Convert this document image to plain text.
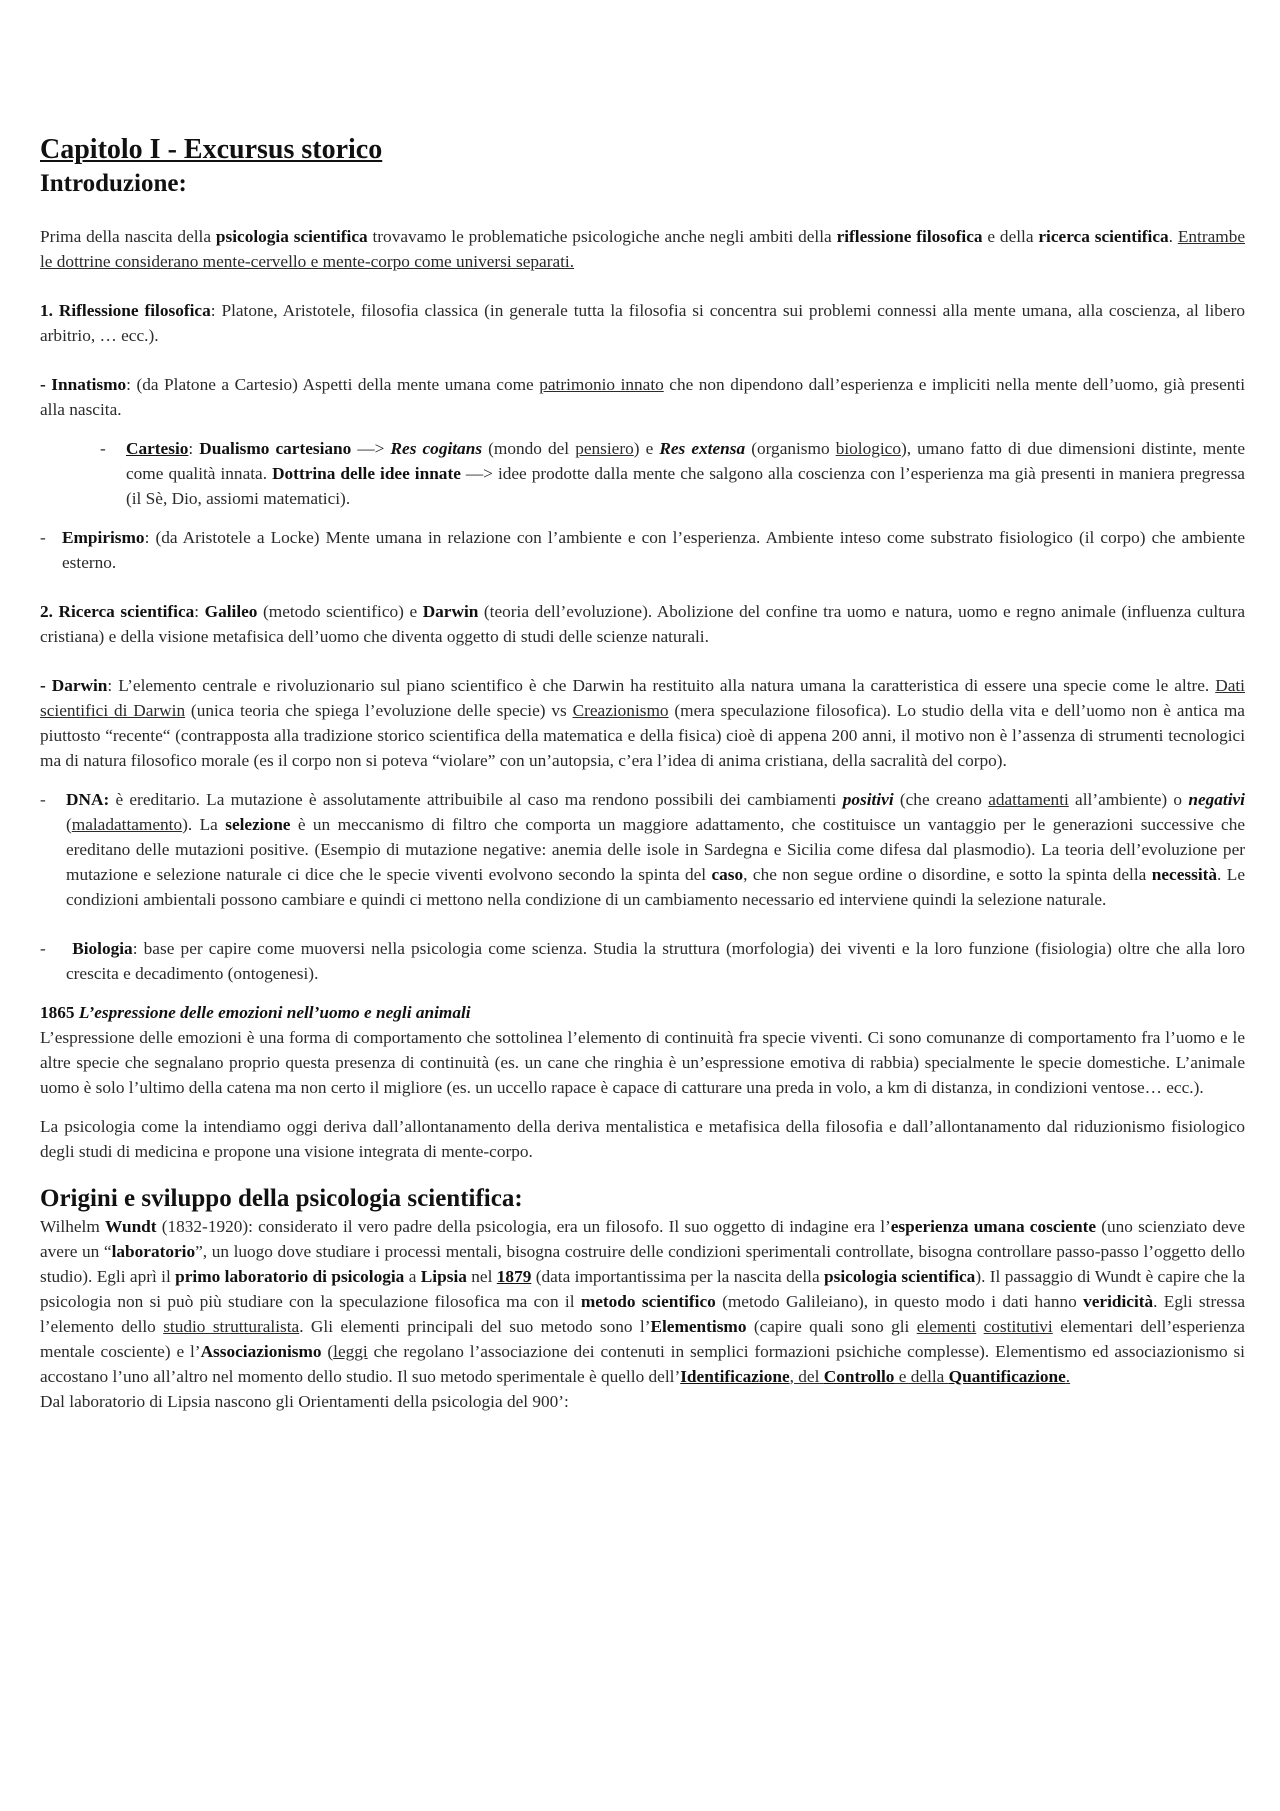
Capitolo I - Excursus storico

Introduzione:

Prima della nascita della psicologia scientifica trovavamo le problematiche psicologiche anche negli ambiti della riflessione filosofica e della ricerca scientifica. Entrambe le dottrine considerano mente-cervello e mente-corpo come universi separati.

1. Riflessione filosofica: Platone, Aristotele, filosofia classica (in generale tutta la filosofia si concentra sui problemi connessi alla mente umana, alla coscienza, al libero arbitrio, … ecc.).

- Innatismo: (da Platone a Cartesio) Aspetti della mente umana come patrimonio innato che non dipendono dall’esperienza e impliciti nella mente dell’uomo, già presenti alla nascita.

- Cartesio: Dualismo cartesiano —> Res cogitans (mondo del pensiero) e Res extensa (organismo biologico), umano fatto di due dimensioni distinte, mente come qualità innata. Dottrina delle idee innate —> idee prodotte dalla mente che salgono alla coscienza con l’esperienza ma già presenti in maniera pregressa (il Sè, Dio, assiomi matematici).

- Empirismo: (da Aristotele a Locke) Mente umana in relazione con l’ambiente e con l’esperienza. Ambiente inteso come substrato fisiologico (il corpo) che ambiente esterno.

2. Ricerca scientifica: Galileo (metodo scientifico) e Darwin (teoria dell’evoluzione). Abolizione del confine tra uomo e natura, uomo e regno animale (influenza cultura cristiana) e della visione metafisica dell’uomo che diventa oggetto di studi delle scienze naturali.

- Darwin: L’elemento centrale e rivoluzionario sul piano scientifico è che Darwin ha restituito alla natura umana la caratteristica di essere una specie come le altre. Dati scientifici di Darwin (unica teoria che spiega l’evoluzione delle specie) vs Creazionismo (mera speculazione filosofica). Lo studio della vita e dell’uomo non è antica ma piuttosto “recente“ (contrapposta alla tradizione storico scientifica della matematica e della fisica) cioè di appena 200 anni, il motivo non è l’assenza di strumenti tecnologici ma di natura filosofico morale (es il corpo non si poteva “violare” con un’autopsia, c’era l’idea di anima cristiana, della sacralità del corpo).

- DNA: è ereditario. La mutazione è assolutamente attribuibile al caso ma rendono possibili dei cambiamenti positivi (che creano adattamenti all’ambiente) o negativi (maladattamento). La selezione è un meccanismo di filtro che comporta un maggiore adattamento, che costituisce un vantaggio per le generazioni successive che ereditano delle mutazioni positive. (Esempio di mutazione negative: anemia delle isole in Sardegna e Sicilia come difesa dal plasmodio). La teoria dell’evoluzione per mutazione e selezione naturale ci dice che le specie viventi evolvono secondo la spinta del caso, che non segue ordine o disordine, e sotto la spinta della necessità. Le condizioni ambientali possono cambiare e quindi ci mettono nella condizione di un cambiamento necessario ed interviene quindi la selezione naturale.

- Biologia: base per capire come muoversi nella psicologia come scienza. Studia la struttura (morfologia) dei viventi e la loro funzione (fisiologia) oltre che alla loro crescita e decadimento (ontogenesi).

1865 L’espressione delle emozioni nell’uomo e negli animali

L’espressione delle emozioni è una forma di comportamento che sottolinea l’elemento di continuità fra specie viventi. Ci sono comunanze di comportamento fra l’uomo e le altre specie che segnalano proprio questa presenza di continuità (es. un cane che ringhia è un’espressione emotiva di rabbia) specialmente le specie domestiche. L’animale uomo è solo l’ultimo della catena ma non certo il migliore (es. un uccello rapace è capace di catturare una preda in volo, a km di distanza, in condizioni ventose… ecc.).

La psicologia come la intendiamo oggi deriva dall’allontanamento della deriva mentalistica e metafisica della filosofia e dall’allontanamento dal riduzionismo fisiologico degli studi di medicina e propone una visione integrata di mente-corpo.

Origini e sviluppo della psicologia scientifica:

Wilhelm Wundt (1832-1920): considerato il vero padre della psicologia, era un filosofo. Il suo oggetto di indagine era l’esperienza umana cosciente (uno scienziato deve avere un “laboratorio”, un luogo dove studiare i processi mentali, bisogna costruire delle condizioni sperimentali controllate, bisogna controllare passo-passo l’oggetto dello studio). Egli aprì il primo laboratorio di psicologia a Lipsia nel 1879 (data importantissima per la nascita della psicologia scientifica). Il passaggio di Wundt è capire che la psicologia non si può più studiare con la speculazione filosofica ma con il metodo scientifico (metodo Galileiano), in questo modo i dati hanno veridicità. Egli stressa l’elemento dello studio strutturalista. Gli elementi principali del suo metodo sono l’Elementismo (capire quali sono gli elementi costitutivi elementari dell’esperienza mentale cosciente) e l’Associazionismo (leggi che regolano l’associazione dei contenuti in semplici formazioni psichiche complesse). Elementismo ed associazionismo si accostano l’uno all’altro nel momento dello studio. Il suo metodo sperimentale è quello dell’Identificazione, del Controllo e della Quantificazione.

Dal laboratorio di Lipsia nascono gli Orientamenti della psicologia del 900’:
